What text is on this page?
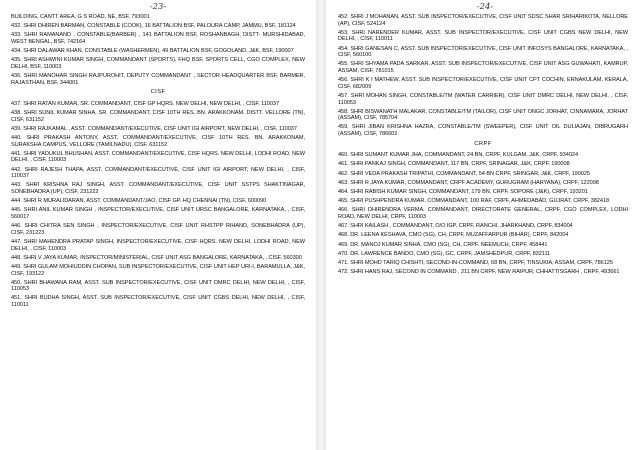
-23-
BUILDING, CANTT AREA, G S ROAD, NE, BSF, 793001
432. SHRI DHIREN BARMAN, CONSTABLE (COOK), 16 BATTALION BSF, PALOURA CAMP, JAMMU, BSF, 181124
433. SHRI RAMANAND , CONSTABLE(BARBER) , 141 BATTALION BSF, ROSHANBAGH, DISTT- MURSHIDABAD, WEST BENGAL, BSF, 742164
434. SHRI DALAWAR KHAN, CONSTABLE (WASHERMEN), 49 BATTALION BSF, GOGOLAND, J&K, BSF, 190007
435. SHRI ASHWINI KUMAR SINGH, COMMANDANT (SPORTS), FHQ BSF, SPORTS CELL, CGO COMPLEX, NEW DELHI, BSF, 110003
436. SHRI MANOHAR SINGH RAJPUROHIT, DEPUTY COMMANDANT , SECTOR HEADQUARTER BSF, BARMER, RAJASTHAN, BSF, 344001
CISF
437. SHRI RATAN KUMAR, SR. COMMANDANT, CISF GP HQRS. NEW DELHI, NEW DELHI, , CISF, 110037
438. SHRI SUNIL KUMAR SINHA, SR. COMMANDANT, CISF 10TH RES. BN. ARAKKONAM, DISTT. VELLORE (TN), CISF, 631152
439. SHRI RAJKAMAL , ASST. COMMANDANT/EXECUTIVE, CISF UNIT IGI AIRPORT, NEW DELHI, , CISF, 110037
440. SHRI PRAKASH ANTONY, ASST. COMMANDANT/EXECUTIVE, CISF 10TH RES. BN. ARAKKONAM, SURAKSHA CAMPUS, VELLORE (TAMILNADU), CISF, 631152
441. SHRI YADUKUL BHUSHAN, ASST. COMMANDANT/EXECUTIVE, CISF HQRS. NEW DELHI, LODHI ROAD, NEW DELHI, , CISF, 110003
442. SHRI RAJESH THAPA, ASST. COMMANDANT/EXECUTIVE, CISF UNIT IGI AIRPORT, NEW DELHI, , CISF, 110037
443. SHRI KRISHNA RAJ SINGH, ASST. COMMANDANT/EXECUTIVE, CISF UNIT SSTPS SHAKTINAGAR, SONEBHADRA (UP), CISF, 231222
444. SHRI R MURALIDARAN, ASST. COMMANDANT/JAO, CISF GP. HQ CHENNAI (TN), CISF, 600090
445. SHRI ANIL KUMAR SINGH , INSPECTOR/EXECUTIVE, CISF UNIT URSC BANGALORE, KARNATAKA, , CISF, 560017
446. SHRI CHITRA SEN SINGH , INSPECTOR/EXECUTIVE, CISF UNIT RHSTPP RIHAND, SONEBHADRA (UP), CISF, 231223
447. SHRI MAHENDRA PRATAP SINGH, INSPECTOR/EXECUTIVE, CISF HQRS. NEW DELHI, LODHI ROAD, NEW DELHI, , CISF, 110003
448. SHRI V JAYA KUMAR, INSPECTOR/MINISTERIAL, CISF UNIT ASG BANGALORE, KARNATAKA, , CISF, 560300
449. SHRI GULAM MOHIUDDIN CHOPAN, SUB INSPECTOR/EXECUTIVE, CISF UNIT HEP URI-I, BARAMULLA, J&K, CISF, 193122
450. SHRI BHAWANA RAM, ASST. SUB INSPECTOR/EXECUTIVE, CISF UNIT DMRC DELHI, NEW DELHI, , CISF, 110053
451. SHRI BUDHA SINGH, ASST. SUB INSPECTOR/EXECUTIVE, CISF UNIT CGBS DELHI, NEW DELHI, , CISF, 110011
-24-
452. SHRI J MOHANAN, ASST. SUB INSPECTOR/EXECUTIVE, CISF UNIT SDSC SHAR SRIHARIKOTA, NELLORE (AP), CISF, 524124
453. SHRI NARENDER KUMAR, ASST. SUB INSPECTOR/EXECUTIVE, CISF UNIT CGBS NEW DELHI, NEW DELHI, , CISF, 110011
454. SHRI GANESAN C, ASST. SUB INSPECTOR/EXECUTIVE, CISF UNIT INFOSYS BANGALORE, KARNATAKA, , CISF, 560100
455. SHRI SHYAMA PADA SARKAR, ASST. SUB INSPECTOR/EXECUTIVE, CISF UNIT ASG GUWAHATI, KAMRUP, ASSAM, CISF, 781015
456. SHRI K I MATHEW, ASST. SUB INSPECTOR/EXECUTIVE, CISF UNIT CPT COCHIN, ERNAKULAM, KERALA, CISF, 682009
457. SHRI MOHAN SINGH, CONSTABLE/TM (WATER CARRIER), CISF UNIT DMRC DELHI, NEW DELHI, , CISF, 110053
458. SHRI BISWANATH MALAKAR, CONSTABLE/TM (TAILOR), CISF UNIT ONGC JORHAT, CINNAMARA, JORHAT (ASSAM), CISF, 785704
459. SHRI JIBAN KRISHNA HAZRA, CONSTABLE/TM (SWEEPER), CISF UNIT OIL DULIAJAN, DIBRUGARH (ASSAM), CISF, 786602
CRPF
460. SHRI SUMANT KUMAR JHA, COMMANDANT, 24 BN, CRPF, KULGAM, J&K, CRPF, 934024
461. SHRI PANKAJ SINGH, COMMANDANT, 117 BN, CRPF, SRINAGAR, J&K, CRPF, 190008
462. SHRI VEDA PRAKASH TRIPATHI, COMMANDANT, 54 BN CRPF, SRINGAR, J&K, CRPF, 190025
463. SHRI R JAYA KUMAR, COMMANDANT, CRPF ACADEMY, GURUGRAM (HARYANA), CRPF, 122098
464. SHRI RABISH KUMAR SINGH, COMMANDANT, 179 BN, CRPF, SOPORE (J&K), CRPF, 193201
465. SHRI PUSHPENDRA KUMAR, COMMANDANT, 100 RAF, CRPF, AHMEDABAD, GUJRAT, CRPF, 382418
466. SHRI DHIRENDRA VERMA, COMMANDANT, DIRECTORATE GENERAL, CRPF, CGO COMPLEX, LODHI ROAD, NEW DELHI, CRPF, 110003
467. SHRI KAILASH , COMMANDANT, O/O IGP, CRPF, RANCHI, JHARKHAND, CRPF, 834004
468. DR. LEENA KESHAVA, CMO (SG), CH, CRPF, MUZAFFARPUR (BIHAR), CRPF, 842004
469. DR. MANOJ KUMAR SINHA, CMO (SG), CH, CRPF, NEEMUCH, CRPF, 458441
470. DR. LAWRENCE BANDO, CMO (SG), GC, CRPF, JAMSHEDPUR, CRPF, 832111
471. SHRI MOHD TARIQ CHISHTI, SECOND-IN-COMMAND, 68 BN, CRPF, TINSUKIA, ASSAM, CRPF, 786125
472. SHRI HANS RAJ, SECOND IN COMMAND , 211 BN CRPF, NEW RAIPUR, CHHATTISGARH , CRPF, 493661
